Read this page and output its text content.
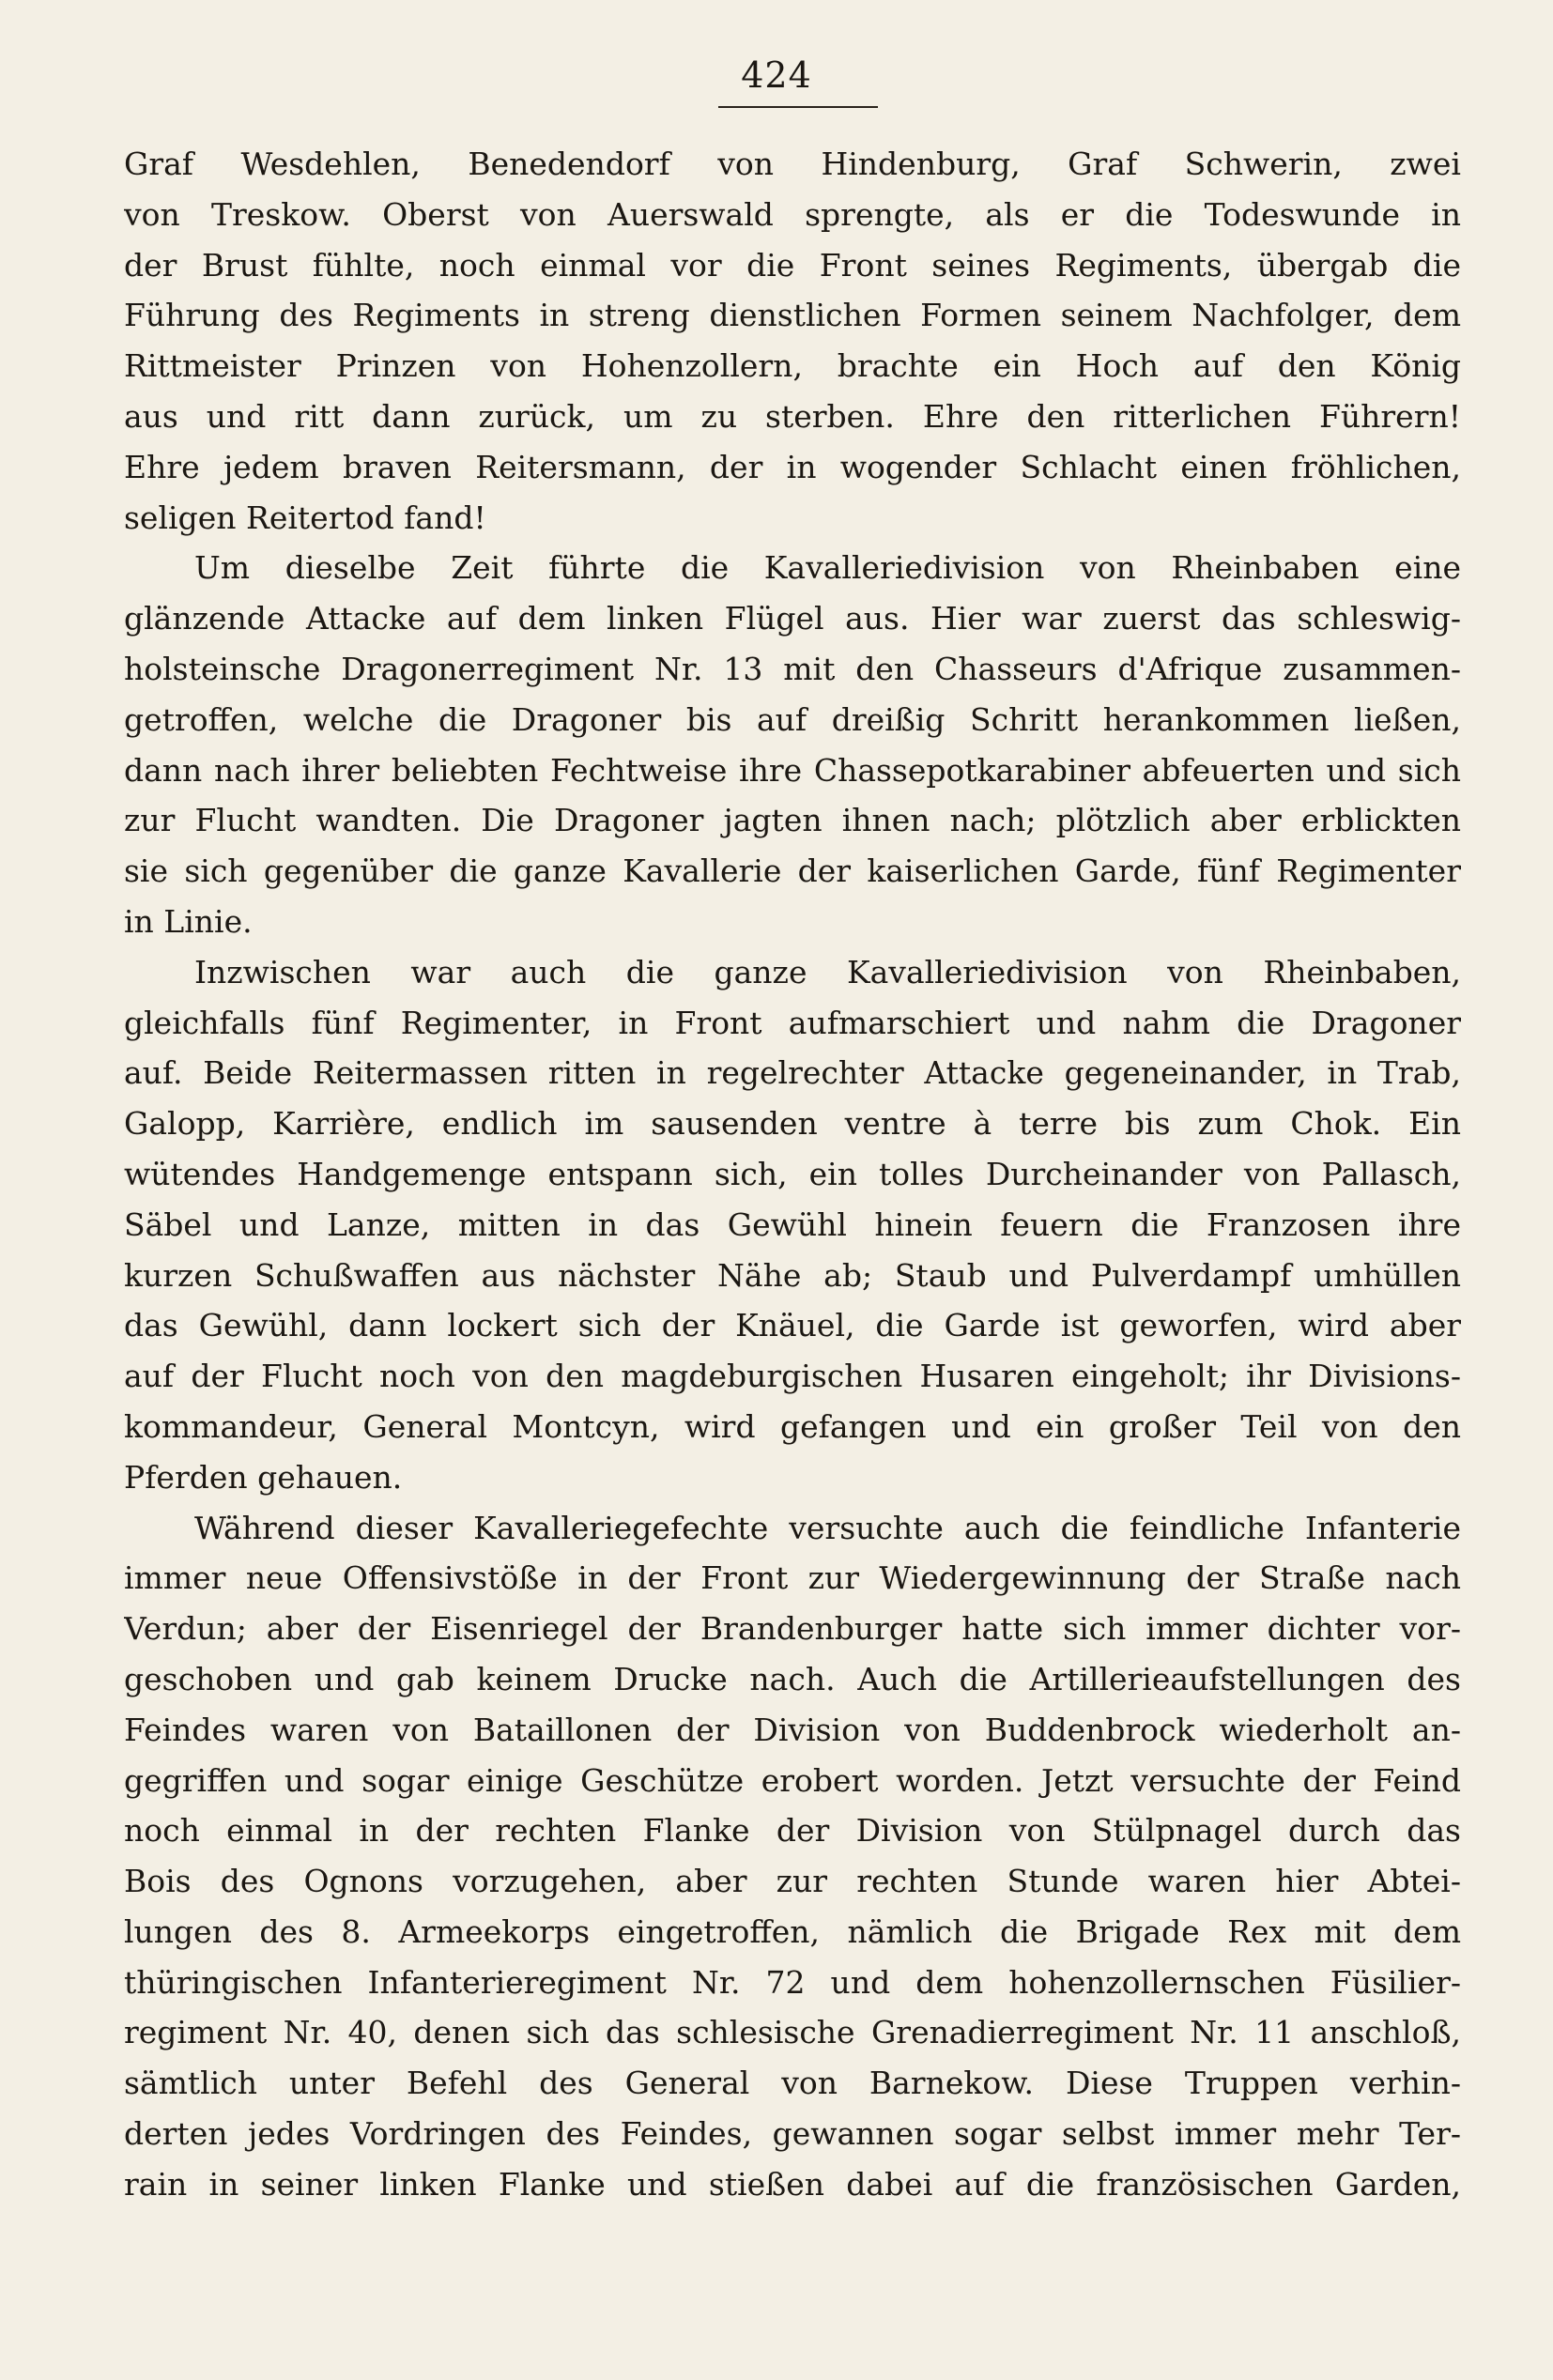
424
Graf Wesdehlen, Benedendorf von Hindenburg, Graf Schwerin, zwei
von Treskow. Oberst von Auerswald sprengte, als er die Todeswunde in
der Brust fühlte, noch einmal vor die Front seines Regiments, übergab die
Führung des Regiments in streng dienstlichen Formen seinem Nachfolger, dem
Rittmeister Prinzen von Hohenzollern, brachte ein Hoch auf den König
aus und ritt dann zurück, um zu sterben. Ehre den ritterlichen Führern!
Ehre jedem braven Reitersmann, der in wogender Schlacht einen fröhlichen,
seligen Reitertod fand!
Um dieselbe Zeit führte die Kavalleriedivision von Rheinbaben eine
glänzende Attacke auf dem linken Flügel aus. Hier war zuerst das schleswig-
holsteinsche Dragonerregiment Nr. 13 mit den Chasseurs d'Afrique zusammen-
getroffen, welche die Dragoner bis auf dreißig Schritt herankommen ließen,
dann nach ihrer beliebten Fechtweise ihre Chassepotkarabiner abfeuerten und sich
zur Flucht wandten. Die Dragoner jagten ihnen nach; plötzlich aber erblickten
sie sich gegenüber die ganze Kavallerie der kaiserlichen Garde, fünf Regimenter
in Linie.
Inzwischen war auch die ganze Kavalleriedivision von Rheinbaben,
gleichfalls fünf Regimenter, in Front aufmarschiert und nahm die Dragoner
auf. Beide Reitermassen ritten in regelrechter Attacke gegeneinander, in Trab,
Galopp, Karrière, endlich im sausenden ventre à terre bis zum Chok. Ein
wütendes Handgemenge entspann sich, ein tolles Durcheinander von Pallasch,
Säbel und Lanze, mitten in das Gewühl hinein feuern die Franzosen ihre
kurzen Schußwaffen aus nächster Nähe ab; Staub und Pulverdampf umhüllen
das Gewühl, dann lockert sich der Knäuel, die Garde ist geworfen, wird aber
auf der Flucht noch von den magdeburgischen Husaren eingeholt; ihr Divisions-
kommandeur, General Montcyn, wird gefangen und ein großer Teil von den
Pferden gehauen.
Während dieser Kavalleriegefechte versuchte auch die feindliche Infanterie
immer neue Offensivstöße in der Front zur Wiedergewinnung der Straße nach
Verdun; aber der Eisenriegel der Brandenburger hatte sich immer dichter vor-
geschoben und gab keinem Drucke nach. Auch die Artillerieaufstellungen des
Feindes waren von Bataillonen der Division von Buddenbrock wiederholt an-
gegriffen und sogar einige Geschütze erobert worden. Jetzt versuchte der Feind
noch einmal in der rechten Flanke der Division von Stülpnagel durch das
Bois des Ognons vorzugehen, aber zur rechten Stunde waren hier Abtei-
lungen des 8. Armeekorps eingetroffen, nämlich die Brigade Rex mit dem
thüringischen Infanterieregiment Nr. 72 und dem hohenzollernschen Füsilier-
regiment Nr. 40, denen sich das schlesische Grenadierregiment Nr. 11 anschloß,
sämtlich unter Befehl des General von Barnekow. Diese Truppen verhin-
derten jedes Vordringen des Feindes, gewannen sogar selbst immer mehr Ter-
rain in seiner linken Flanke und stießen dabei auf die französischen Garden,
